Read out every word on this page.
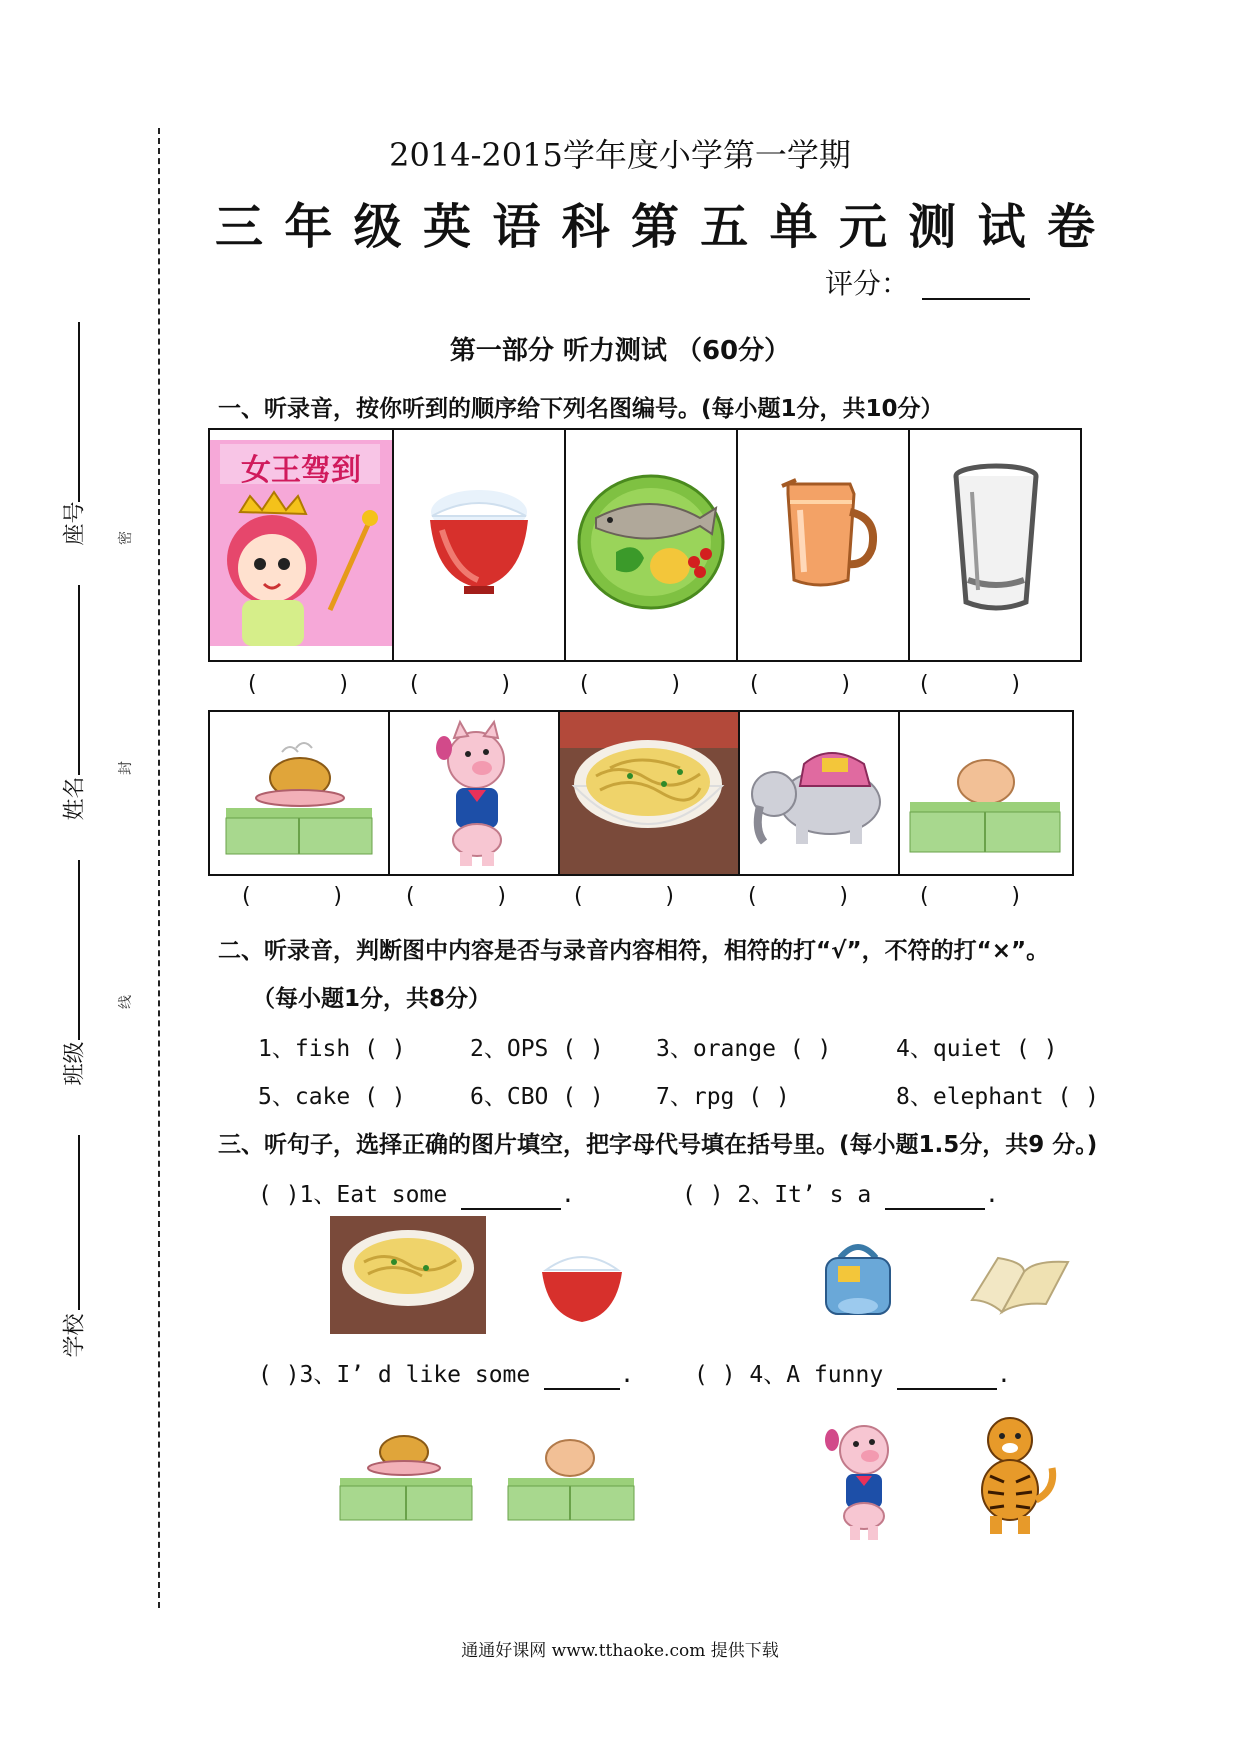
座号
姓名
班级
学校
密
封
线
2014-2015学年度小学第一学期
三 年 级 英 语 科 第 五 单 元 测 试 卷
评分：
第一部分 听力测试 （60分）
一、听录音，按你听到的顺序给下列名图编号。(每小题1分，共10分）
女王驾到
(	)	(	)	(	)	(	)	(	)
(	)	(	)	(	)	(	)	(	)
二、听录音，判断图中内容是否与录音内容相符，相符的打“√”，不符的打“×”。
（每小题1分，共8分）
1、fish ( )	2、OPS ( ) 3、orange ( )	4、quiet ( )
5、cake ( )	6、CBO ( ) 7、rpg ( )	8、elephant ( )
三、听句子，选择正确的图片填空，把字母代号填在括号里。(每小题1.5分，共9 分。)
( )1、Eat some	.	( ) 2、It’ s a	.
( )3、I’ d like some	.	( ) 4、A funny	.
通通好课网 www.tthaoke.com 提供下载
